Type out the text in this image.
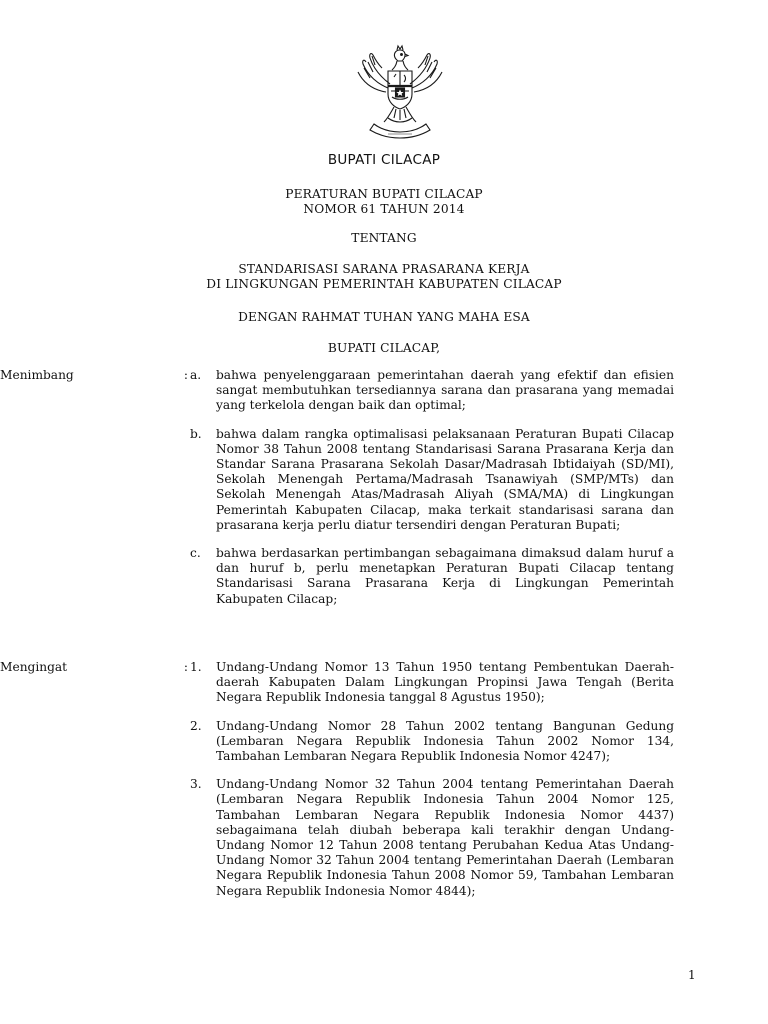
BUPATI CILACAP
PERATURAN BUPATI CILACAP
NOMOR 61 TAHUN 2014
TENTANG
STANDARISASI SARANA PRASARANA KERJA
DI LINGKUNGAN PEMERINTAH KABUPATEN CILACAP
DENGAN RAHMAT TUHAN YANG MAHA ESA
BUPATI CILACAP,
Menimbang	: a.	bahwa penyelenggaraan pemerintahan daerah yang efektif dan efisien sangat membutuhkan tersediannya sarana dan prasarana yang memadai yang terkelola dengan baik dan optimal;
b.	bahwa dalam rangka optimalisasi pelaksanaan Peraturan Bupati Cilacap Nomor 38 Tahun 2008 tentang Standarisasi Sarana Prasarana Kerja dan Standar Sarana Prasarana Sekolah Dasar/Madrasah Ibtidaiyah (SD/MI), Sekolah Menengah Pertama/Madrasah Tsanawiyah (SMP/MTs) dan Sekolah Menengah Atas/Madrasah Aliyah (SMA/MA) di Lingkungan Pemerintah Kabupaten Cilacap, maka terkait standarisasi sarana dan prasarana kerja perlu diatur tersendiri dengan Peraturan Bupati;
c.	bahwa berdasarkan pertimbangan sebagaimana dimaksud dalam huruf a dan huruf b, perlu menetapkan Peraturan Bupati Cilacap tentang Standarisasi Sarana Prasarana Kerja di Lingkungan Pemerintah Kabupaten Cilacap;
Mengingat	: 1.	Undang-Undang Nomor 13 Tahun 1950 tentang Pembentukan Daerah-daerah Kabupaten Dalam Lingkungan Propinsi Jawa Tengah (Berita Negara Republik Indonesia tanggal 8 Agustus 1950);
2.	Undang-Undang Nomor 28 Tahun 2002 tentang Bangunan Gedung (Lembaran Negara Republik Indonesia Tahun 2002 Nomor 134, Tambahan Lembaran Negara Republik Indonesia Nomor 4247);
3.	Undang-Undang Nomor 32 Tahun 2004 tentang Pemerintahan Daerah (Lembaran Negara Republik Indonesia Tahun 2004 Nomor 125, Tambahan Lembaran Negara Republik Indonesia Nomor 4437) sebagaimana telah diubah beberapa kali terakhir dengan Undang-Undang Nomor 12 Tahun 2008 tentang Perubahan Kedua Atas Undang-Undang Nomor 32 Tahun 2004 tentang Pemerintahan Daerah (Lembaran Negara Republik Indonesia Tahun 2008 Nomor 59, Tambahan Lembaran Negara Republik Indonesia Nomor 4844);
1
